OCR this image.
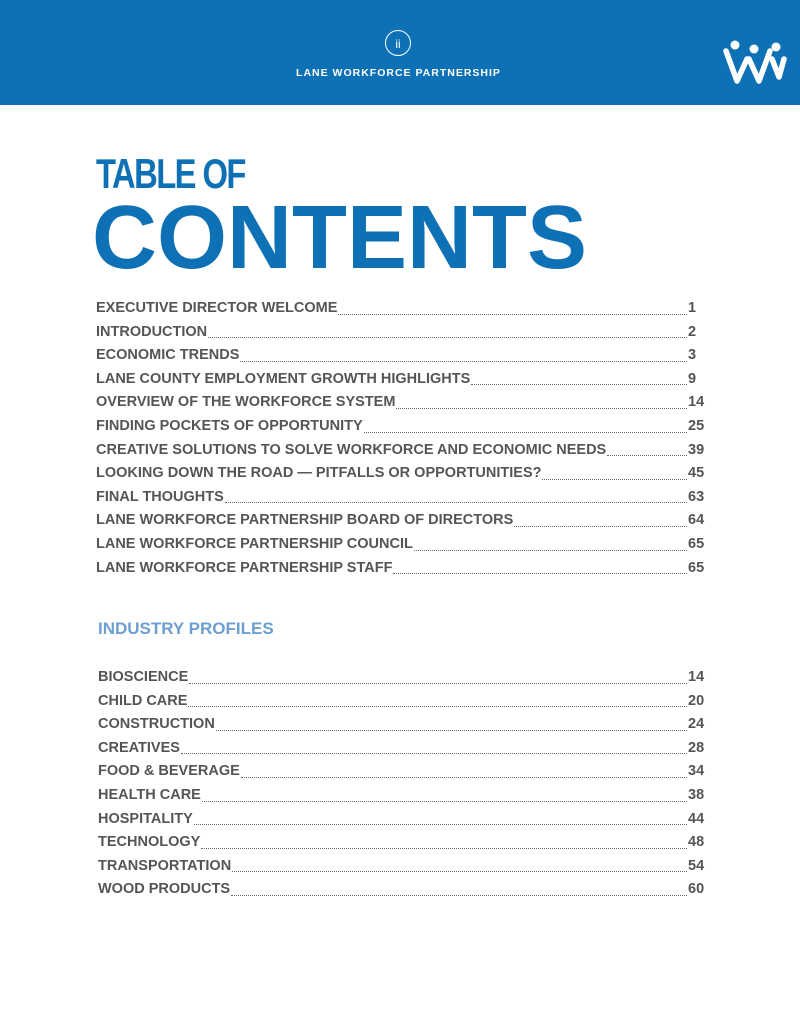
ii
LANE WORKFORCE PARTNERSHIP
TABLE OF
CONTENTS
EXECUTIVE DIRECTOR WELCOME	1
INTRODUCTION	2
ECONOMIC TRENDS	3
LANE COUNTY EMPLOYMENT GROWTH HIGHLIGHTS	9
OVERVIEW OF THE WORKFORCE SYSTEM	14
FINDING POCKETS OF OPPORTUNITY	25
CREATIVE SOLUTIONS TO SOLVE WORKFORCE AND ECONOMIC NEEDS	39
LOOKING DOWN THE ROAD — PITFALLS OR OPPORTUNITIES?	45
FINAL THOUGHTS	63
LANE WORKFORCE PARTNERSHIP BOARD OF DIRECTORS	64
LANE WORKFORCE PARTNERSHIP COUNCIL	65
LANE WORKFORCE PARTNERSHIP STAFF	65
INDUSTRY PROFILES
BIOSCIENCE	14
CHILD CARE	20
CONSTRUCTION	24
CREATIVES	28
FOOD & BEVERAGE	34
HEALTH CARE	38
HOSPITALITY	44
TECHNOLOGY	48
TRANSPORTATION	54
WOOD PRODUCTS	60
